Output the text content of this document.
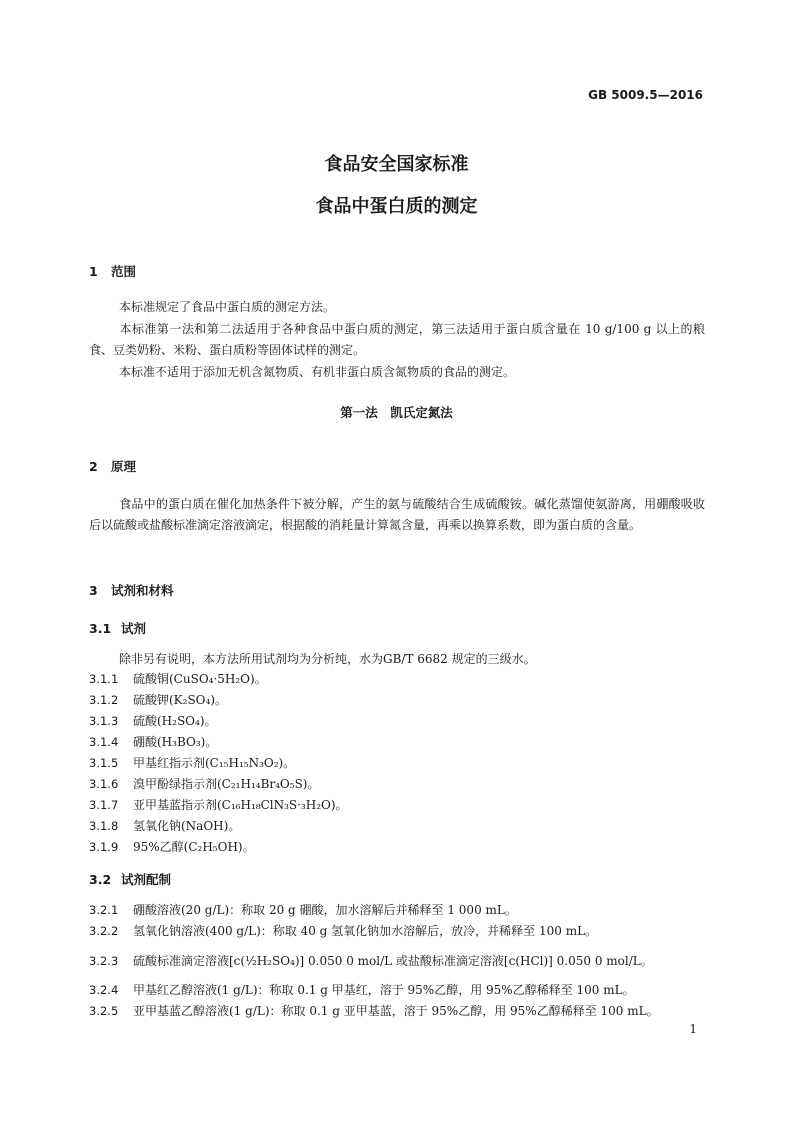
GB 5009.5—2016
食品安全国家标准
食品中蛋白质的测定
1 范围
本标准规定了食品中蛋白质的测定方法。
本标准第一法和第二法适用于各种食品中蛋白质的测定，第三法适用于蛋白质含量在 10 g/100 g 以上的粮食、豆类奶粉、米粉、蛋白质粉等固体试样的测定。
本标准不适用于添加无机含氮物质、有机非蛋白质含氮物质的食品的测定。
第一法　凯氏定氮法
2 原理
食品中的蛋白质在催化加热条件下被分解，产生的氨与硫酸结合生成硫酸铵。碱化蒸馏使氨游离，用硼酸吸收后以硫酸或盐酸标准滴定溶液滴定，根据酸的消耗量计算氮含量，再乘以换算系数，即为蛋白质的含量。
3 试剂和材料
3.1 试剂
除非另有说明，本方法所用试剂均为分析纯，水为GB/T 6682 规定的三级水。
3.1.1 硫酸铜(CuSO₄·5H₂O)。
3.1.2 硫酸钾(K₂SO₄)。
3.1.3 硫酸(H₂SO₄)。
3.1.4 硼酸(H₃BO₃)。
3.1.5 甲基红指示剂(C₁₅H₁₅N₃O₂)。
3.1.6 溴甲酚绿指示剂(C₂₁H₁₄Br₄O₅S)。
3.1.7 亚甲基蓝指示剂(C₁₆H₁₈ClN₃S·₃H₂O)。
3.1.8 氢氧化钠(NaOH)。
3.1.9 95%乙醇(C₂H₅OH)。
3.2 试剂配制
3.2.1 硼酸溶液(20 g/L)：称取 20 g 硼酸，加水溶解后并稀释至 1 000 mL。
3.2.2 氢氧化钠溶液(400 g/L)：称取 40 g 氢氧化钠加水溶解后，放冷，并稀释至 100 mL。
3.2.3 硫酸标准滴定溶液[c(½H₂SO₄)] 0.050 0 mol/L 或盐酸标准滴定溶液[c(HCl)] 0.050 0 mol/L。
3.2.4 甲基红乙醇溶液(1 g/L)：称取 0.1 g 甲基红，溶于 95%乙醇，用 95%乙醇稀释至 100 mL。
3.2.5 亚甲基蓝乙醇溶液(1 g/L)：称取 0.1 g 亚甲基蓝，溶于 95%乙醇，用 95%乙醇稀释至 100 mL。
1
